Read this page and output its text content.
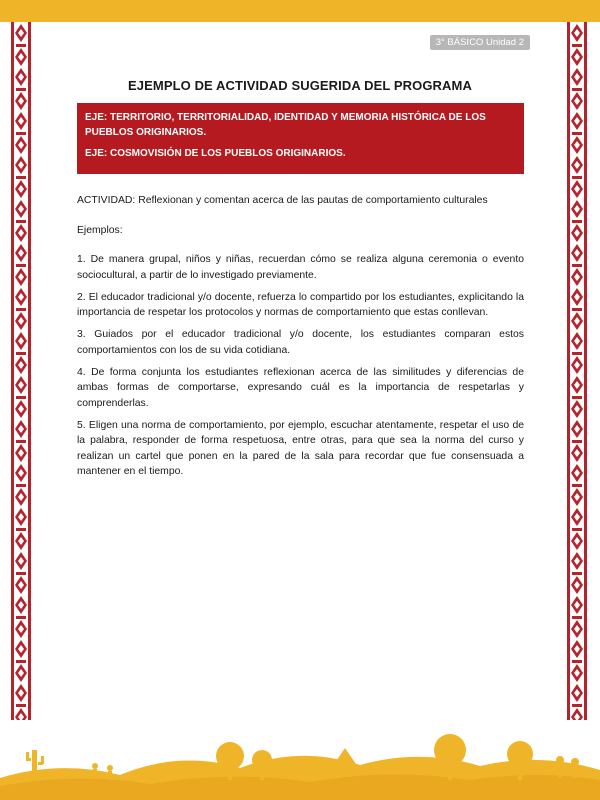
3° BÁSICO Unidad 2
EJEMPLO DE ACTIVIDAD SUGERIDA DEL PROGRAMA

EJE: TERRITORIO, TERRITORIALIDAD, IDENTIDAD Y MEMORIA HISTÓRICA DE LOS PUEBLOS ORIGINARIOS.

EJE: COSMOVISIÓN DE LOS PUEBLOS ORIGINARIOS.

ACTIVIDAD: Reflexionan y comentan acerca de las pautas de comportamiento culturales

Ejemplos:

1. De manera grupal, niños y niñas, recuerdan cómo se realiza alguna ceremonia o evento sociocultural, a partir de lo investigado previamente.

2. El educador tradicional y/o docente, refuerza lo compartido por los estudiantes, explicitando la importancia de respetar los protocolos y normas de comportamiento que estas conllevan.

3. Guiados por el educador tradicional y/o docente, los estudiantes comparan estos comportamientos con los de su vida cotidiana.

4. De forma conjunta los estudiantes reflexionan acerca de las similitudes y diferencias de ambas formas de comportarse, expresando cuál es la importancia de respetarlas y comprenderlas.

5. Eligen una norma de comportamiento, por ejemplo, escuchar atentamente, respetar el uso de la palabra, responder de forma respetuosa, entre otras, para que sea la norma del curso y realizan un cartel que ponen en la pared de la sala para recordar que fue consensuada a mantener en el tiempo.
